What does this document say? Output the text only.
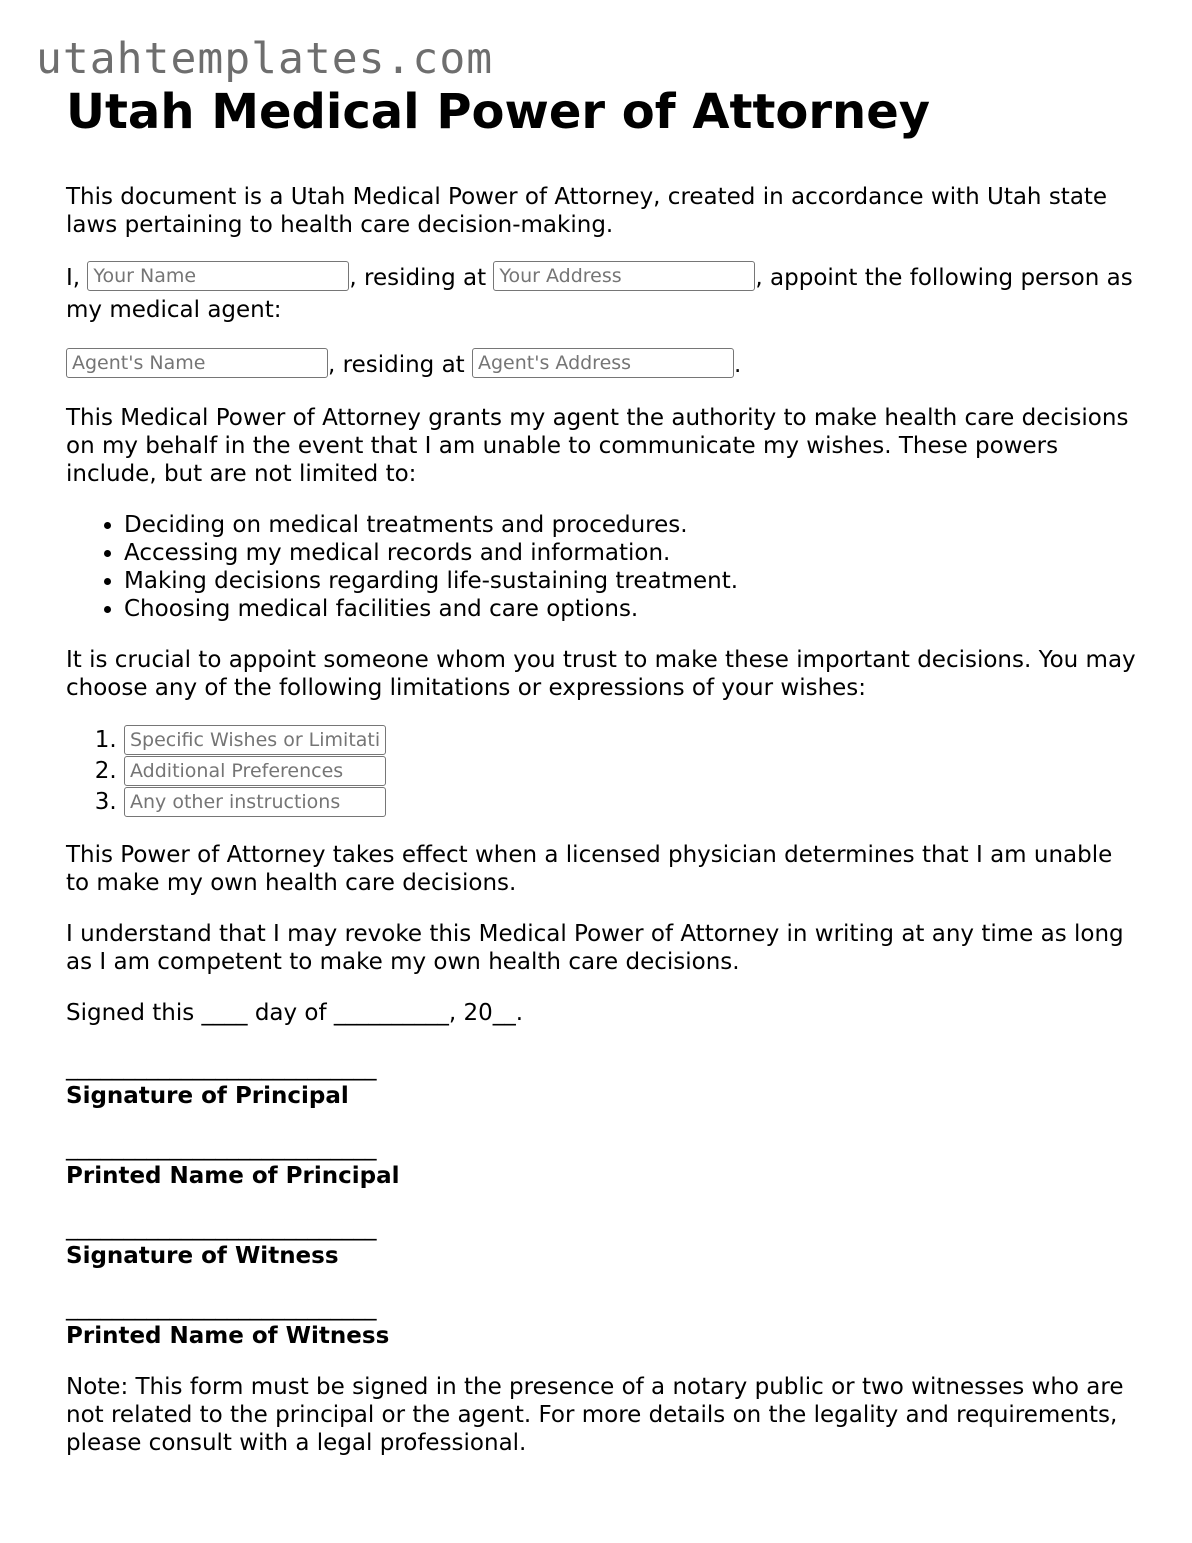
utahtemplates.com
Utah Medical Power of Attorney

This document is a Utah Medical Power of Attorney, created in accordance with Utah state laws pertaining to health care decision-making.

I, Your Name	, residing at Your Address	, appoint the following person as my medical agent:

Agent's Name, residing at Agent's Address	.

This Medical Power of Attorney grants my agent the authority to make health care decisions on my behalf in the event that I am unable to communicate my wishes. These powers include, but are not limited to:

• Deciding on medical treatments and procedures.
• Accessing my medical records and information.
• Making decisions regarding life-sustaining treatment.
• Choosing medical facilities and care options.

It is crucial to appoint someone whom you trust to make these important decisions. You may choose any of the following limitations or expressions of your wishes:

1. Specific Wishes or Limitations
2. Additional Preferences
3. Any other instructions

This Power of Attorney takes effect when a licensed physician determines that I am unable to make my own health care decisions.

I understand that I may revoke this Medical Power of Attorney in writing at any time as long as I am competent to make my own health care decisions.

Signed this ____ day of __________, 20__.

___________________________
Signature of Principal
___________________________
Printed Name of Principal
___________________________
Signature of Witness
___________________________
Printed Name of Witness

Note: This form must be signed in the presence of a notary public or two witnesses who are not related to the principal or the agent. For more details on the legality and requirements, please consult with a legal professional.
